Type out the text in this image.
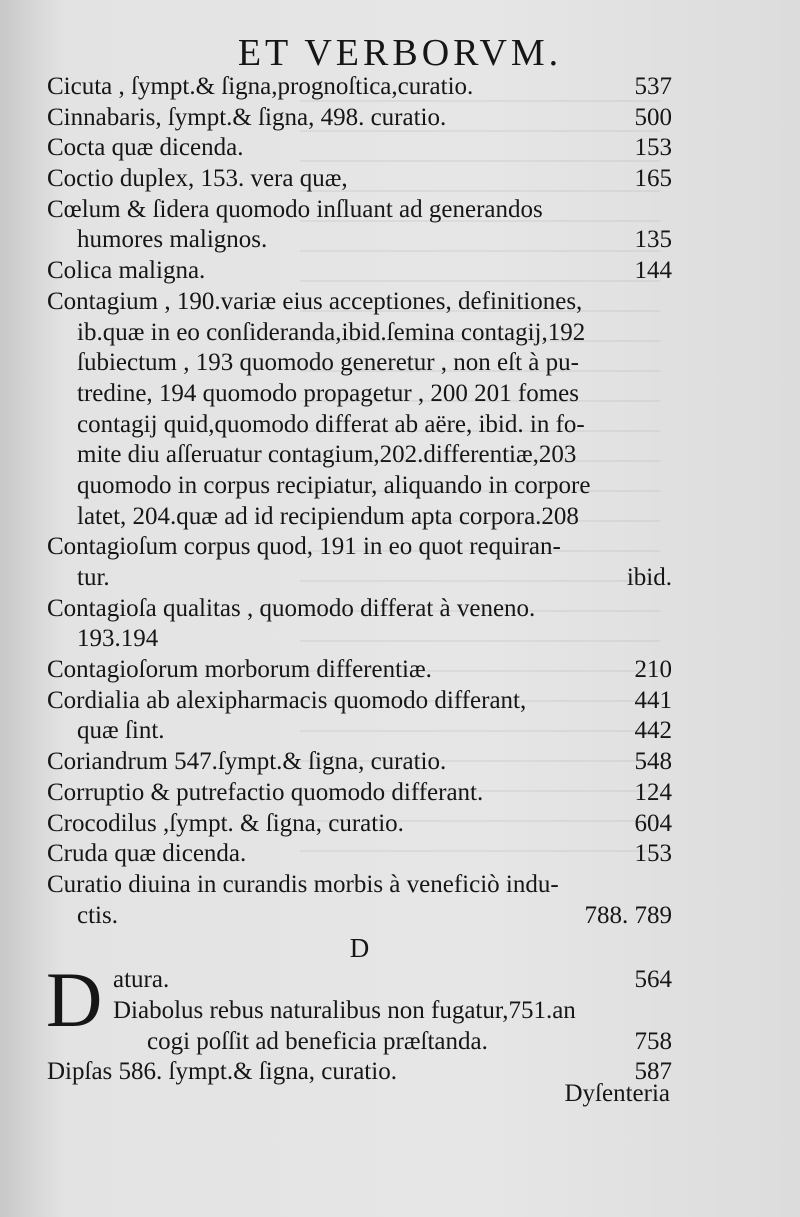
ET VERBORVM.
Cicuta , ſympt.& ſigna,prognoſtica,curatio.	537
Cinnabaris, ſympt.& ſigna, 498. curatio.	500
Cocta quæ dicenda.	153
Coctio duplex, 153. vera quæ,	165
Cœlum & ſidera quomodo inſluant ad generandos
humores malignos.	135
Colica maligna.	144
Contagium , 190.variæ eius acceptiones, definitiones,
ib.quæ in eo conſideranda,ibid.ſemina contagij,192
ſubiectum , 193 quomodo generetur , non eſt à pu-
tredine, 194 quomodo propagetur , 200 201 fomes
contagij quid,quomodo differat ab aëre, ibid. in fo-
mite diu aſſeruatur contagium,202.differentiæ,203
quomodo in corpus recipiatur, aliquando in corpore
latet, 204.quæ ad id recipiendum apta corpora.208
Contagioſum corpus quod, 191 in eo quot requiran-
tur.	ibid.
Contagioſa qualitas , quomodo differat à veneno.
193.194
Contagioſorum morborum differentiæ.	210
Cordialia ab alexipharmacis quomodo differant,	441
quæ ſint.	442
Coriandrum 547.ſympt.& ſigna, curatio.	548
Corruptio & putrefactio quomodo differant.	124
Crocodilus ,ſympt. & ſigna, curatio.	604
Cruda quæ dicenda.	153
Curatio diuina in curandis morbis à veneficiò indu-
ctis.	788. 789
D
D atura.	564
Diabolus rebus naturalibus non fugatur,751.an
cogi poſſit ad beneficia præſtanda.	758
Dipſas 586. ſympt.& ſigna, curatio.	587
Dyſenteria
